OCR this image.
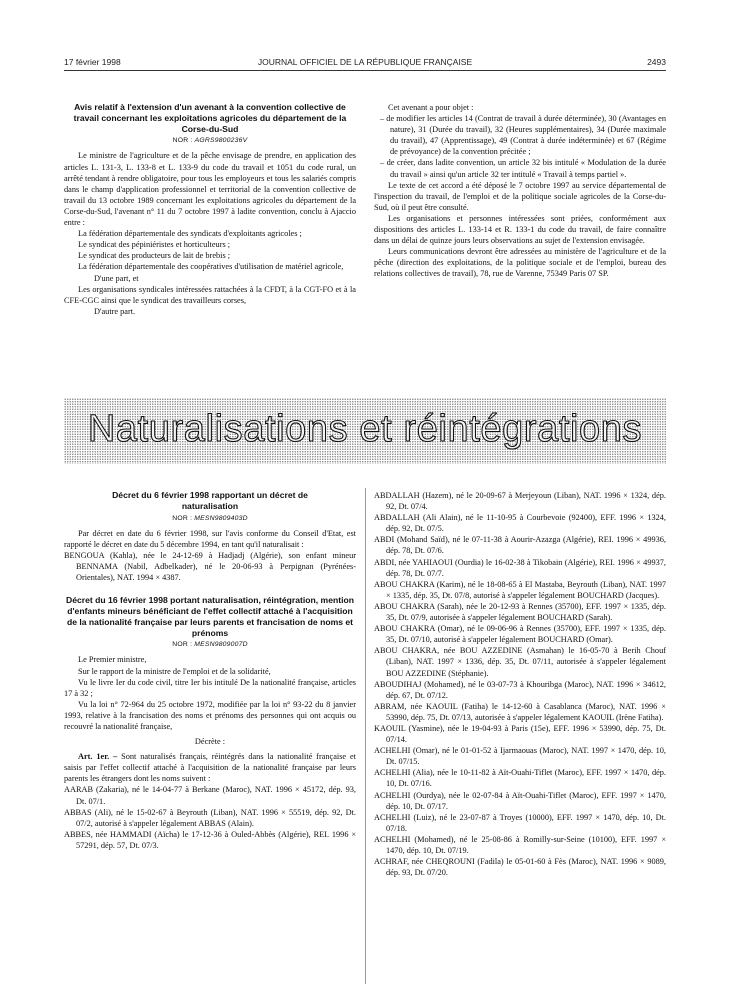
17 février 1998	JOURNAL OFFICIEL DE LA RÉPUBLIQUE FRANÇAISE	2493
Avis relatif à l'extension d'un avenant à la convention collective de travail concernant les exploitations agricoles du département de la Corse-du-Sud
NOR : AGRS9800236V

Le ministre de l'agriculture et de la pêche envisage de prendre, en application des articles L. 131-3, L. 133-8 et L. 133-9 du code du travail et 1051 du code rural, un arrêté tendant à rendre obligatoire, pour tous les employeurs et tous les salariés compris dans le champ d'application professionnel et territorial de la convention collective de travail du 13 octobre 1989 concernant les exploitations agricoles du département de la Corse-du-Sud, l'avenant n° 11 du 7 octobre 1997 à ladite convention, conclu à Ajaccio entre :

La fédération départementale des syndicats d'exploitants agricoles ;

Le syndicat des pépiniéristes et horticulteurs ;

Le syndicat des producteurs de lait de brebis ;

La fédération départementale des coopératives d'utilisation de matériel agricole,

D'une part, et

Les organisations syndicales intéressées rattachées à la CFDT, à la CGT-FO et à la CFE-CGC ainsi que le syndicat des travailleurs corses,

D'autre part.

Cet avenant a pour objet :

– de modifier les articles 14 (Contrat de travail à durée déterminée), 30 (Avantages en nature), 31 (Durée du travail), 32 (Heures supplémentaires), 34 (Durée maximale du travail), 47 (Apprentissage), 49 (Contrat à durée indéterminée) et 67 (Régime de prévoyance) de la convention précitée ;

– de créer, dans ladite convention, un article 32 bis intitulé « Modulation de la durée du travail » ainsi qu'un article 32 ter intitulé « Travail à temps partiel ».

Le texte de cet accord a été déposé le 7 octobre 1997 au service départemental de l'inspection du travail, de l'emploi et de la politique sociale agricoles de la Corse-du-Sud, où il peut être consulté.

Les organisations et personnes intéressées sont priées, conformément aux dispositions des articles L. 133-14 et R. 133-1 du code du travail, de faire connaître dans un délai de quinze jours leurs observations au sujet de l'extension envisagée.

Leurs communications devront être adressées au ministère de l'agriculture et de la pêche (direction des exploitations, de la politique sociale et de l'emploi, bureau des relations collectives de travail), 78, rue de Varenne, 75349 Paris 07 SP.

Naturalisations et réintégrations
Décret du 6 février 1998 rapportant un décret de naturalisation
NOR : MESN9809403D

Par décret en date du 6 février 1998, sur l'avis conforme du Conseil d'Etat, est rapporté le décret en date du 5 décembre 1994, en tant qu'il naturalisait :

BENGOUA (Kahla), née le 24-12-69 à Hadjadj (Algérie), son enfant mineur BENNAMA (Nabil, Adbelkader), né le 20-06-93 à Perpignan (Pyrénées-Orientales), NAT. 1994 × 4387.

Décret du 16 février 1998 portant naturalisation, réintégration, mention d'enfants mineurs bénéficiant de l'effet collectif attaché à l'acquisition de la nationalité française par leurs parents et francisation de noms et prénoms
NOR : MESN9809007D

Le Premier ministre,

Sur le rapport de la ministre de l'emploi et de la solidarité,

Vu le livre Ier du code civil, titre Ier bis intitulé De la nationalité française, articles 17 à 32 ;

Vu la loi n° 72-964 du 25 octobre 1972, modifiée par la loi n° 93-22 du 8 janvier 1993, relative à la francisation des noms et prénoms des personnes qui ont acquis ou recouvré la nationalité française,

Décrète :

Art. 1er. – Sont naturalisés français, réintégrés dans la nationalité française et saisis par l'effet collectif attaché à l'acquisition de la nationalité française par leurs parents les étrangers dont les noms suivent :

AARAB (Zakaria), né le 14-04-77 à Berkane (Maroc), NAT. 1996 × 45172, dép. 93, Dt. 07/1.

ABBAS (Ali), né le 15-02-67 à Beyrouth (Liban), NAT. 1996 × 55519, dép. 92, Dt. 07/2, autorisé à s'appeler légalement ABBAS (Alain).

ABBES, née HAMMADI (Aïcha) le 17-12-36 à Ouled-Abbès (Algérie), REI. 1996 × 57291, dép. 57, Dt. 07/3.

ABDALLAH (Hazem), né le 20-09-67 à Merjeyoun (Liban), NAT. 1996 × 1324, dép. 92, Dt. 07/4.

ABDALLAH (Ali Alain), né le 11-10-95 à Courbevoie (92400), EFF. 1996 × 1324, dép. 92, Dt. 07/5.

ABDI (Mohand Saïd), né le 07-11-38 à Aourir-Azazga (Algérie), REI. 1996 × 49936, dép. 78, Dt. 07/6.

ABDI, née YAHIAOUI (Ourdia) le 16-02-38 à Tikobain (Algérie), REI. 1996 × 49937, dép. 78, Dt. 07/7.

ABOU CHAKRA (Karim), né le 18-08-65 à El Mastaba, Beyrouth (Liban), NAT. 1997 × 1335, dép. 35, Dt. 07/8, autorisé à s'appeler légalement BOUCHARD (Jacques).

ABOU CHAKRA (Sarah), née le 20-12-93 à Rennes (35700), EFF. 1997 × 1335, dép. 35, Dt. 07/9, autorisée à s'appeler légalement BOUCHARD (Sarah).

ABOU CHAKRA (Omar), né le 09-06-96 à Rennes (35700), EFF. 1997 × 1335, dép. 35, Dt. 07/10, autorisé à s'appeler légalement BOUCHARD (Omar).

ABOU CHAKRA, née BOU AZZEDINE (Asmahan) le 16-05-70 à Berih Chouf (Liban), NAT. 1997 × 1336, dép. 35, Dt. 07/11, autorisée à s'appeler légalement BOU AZZEDINE (Stéphanie).

ABOUDIHAJ (Mohamed), né le 03-07-73 à Khouribga (Maroc), NAT. 1996 × 34612, dép. 67, Dt. 07/12.

ABRAM, née KAOUIL (Fatiha) le 14-12-60 à Casablanca (Maroc), NAT. 1996 × 53990, dép. 75, Dt. 07/13, autorisée à s'appeler légalement KAOUIL (Irène Fatiha).

KAOUIL (Yasmine), née le 19-04-93 à Paris (15e), EFF. 1996 × 53990, dép. 75, Dt. 07/14.

ACHELHI (Omar), né le 01-01-52 à Ijarmaouas (Maroc), NAT. 1997 × 1470, dép. 10, Dt. 07/15.

ACHELHI (Alia), née le 10-11-82 à Aït-Ouahi-Tiflet (Maroc), EFF. 1997 × 1470, dép. 10, Dt. 07/16.

ACHELHI (Ourdya), née le 02-07-84 à Aït-Ouahi-Tiflet (Maroc), EFF. 1997 × 1470, dép. 10, Dt. 07/17.

ACHELHI (Luiz), né le 23-07-87 à Troyes (10000), EFF. 1997 × 1470, dép. 10, Dt. 07/18.

ACHELHI (Mohamed), né le 25-08-86 à Romilly-sur-Seine (10100), EFF. 1997 × 1470, dép. 10, Dt. 07/19.

ACHRAF, née CHEQROUNI (Fadila) le 05-01-60 à Fès (Maroc), NAT. 1996 × 9089, dép. 93, Dt. 07/20.
